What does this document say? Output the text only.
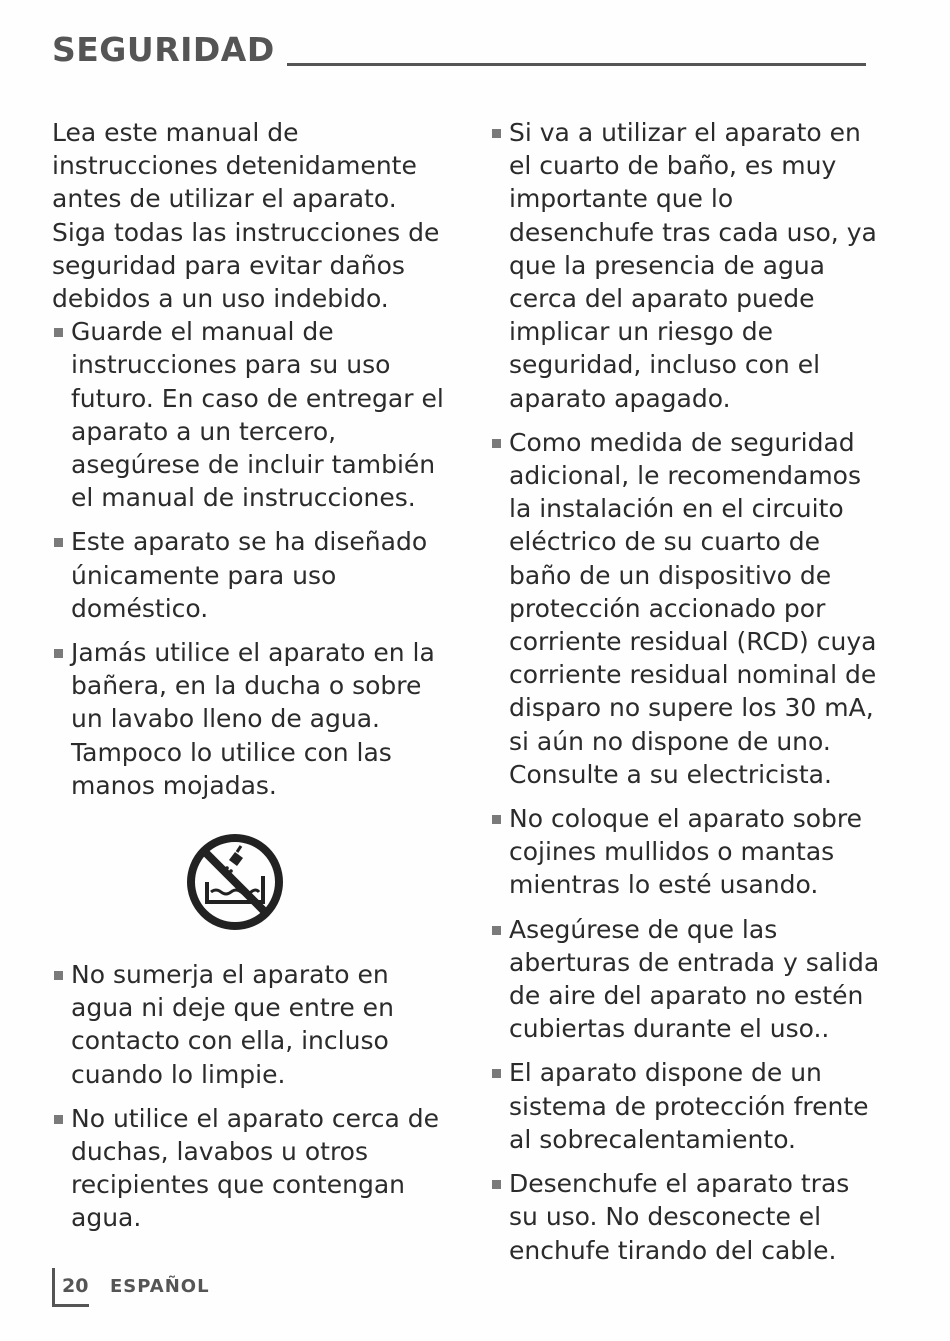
SEGURIDAD

Lea este manual de instrucciones detenidamente antes de utilizar el aparato. Siga todas las instrucciones de seguridad para evitar daños debidos a un uso indebido.

Guarde el manual de instrucciones para su uso futuro. En caso de entregar el aparato a un tercero, asegúrese de incluir también el manual de instrucciones.
Este aparato se ha diseñado únicamente para uso doméstico.
Jamás utilice el aparato en la bañera, en la ducha o sobre un lavabo lleno de agua. Tampoco lo utilice con las manos mojadas.
No sumerja el aparato en agua ni deje que entre en contacto con ella, incluso cuando lo limpie.
No utilice el aparato cerca de duchas, lavabos u otros recipientes que contengan agua.
Si va a utilizar el aparato en el cuarto de baño, es muy importante que lo desenchufe tras cada uso, ya que la presencia de agua cerca del aparato puede implicar un riesgo de seguridad, incluso con el aparato apagado.
Como medida de seguridad adicional, le recomendamos la instalación en el circuito eléctrico de su cuarto de baño de un dispositivo de protección accionado por corriente residual (RCD) cuya corriente residual nominal de disparo no supere los 30 mA, si aún no dispone de uno. Consulte a su electricista.
No coloque el aparato sobre cojines mullidos o mantas mientras lo esté usando.
Asegúrese de que las aberturas de entrada y salida de aire del aparato no estén cubiertas durante el uso..
El aparato dispone de un sistema de protección frente al sobrecalentamiento.
Desenchufe el aparato tras su uso. No desconecte el enchufe tirando del cable.
20 ESPAÑOL
